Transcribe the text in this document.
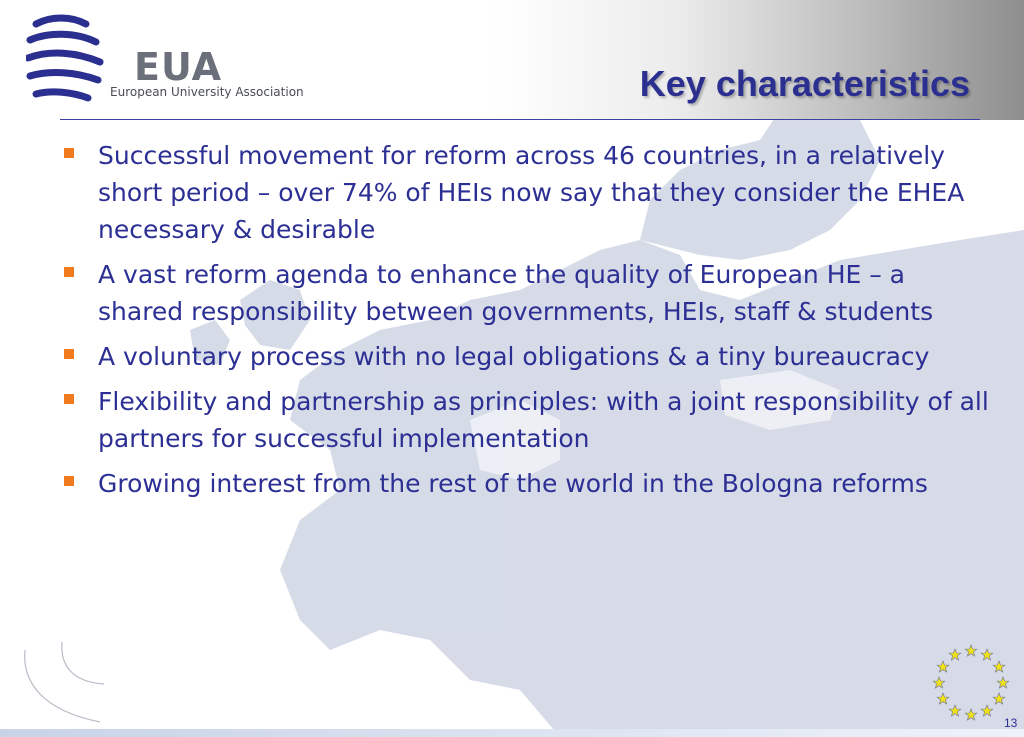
EUA
European University Association	Key characteristics
Successful movement for reform across 46 countries, in a relatively short period – over 74% of HEIs now say that they consider the EHEA necessary & desirable
A vast reform agenda to enhance the quality of European HE – a shared responsibility between governments, HEIs, staff & students
A voluntary process with no legal obligations & a tiny bureaucracy
Flexibility and partnership as principles: with a joint responsibility of all partners for successful implementation
Growing interest from the rest of the world in the Bologna reforms
13
